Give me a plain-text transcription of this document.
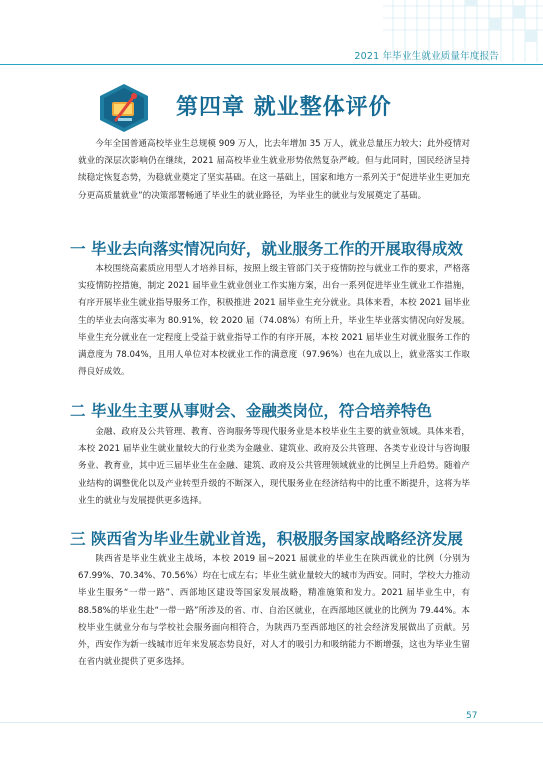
2021 年毕业生就业质量年度报告
第四章 就业整体评价

今年全国普通高校毕业生总规模 909 万人，比去年增加 35 万人，就业总量压力较大；此外疫情对就业的深层次影响仍在继续，2021 届高校毕业生就业形势依然复杂严峻。但与此同时，国民经济呈持续稳定恢复态势，为稳就业奠定了坚实基础。在这一基础上，国家和地方一系列关于“促进毕业生更加充分更高质量就业”的决策部署畅通了毕业生的就业路径，为毕业生的就业与发展奠定了基础。

一 毕业去向落实情况向好，就业服务工作的开展取得成效

本校围绕高素质应用型人才培养目标，按照上级主管部门关于疫情防控与就业工作的要求，严格落实疫情防控措施，制定 2021 届毕业生就业创业工作实施方案，出台一系列促进毕业生就业工作措施，有序开展毕业生就业指导服务工作，积极推进 2021 届毕业生充分就业。具体来看，本校 2021 届毕业生的毕业去向落实率为 80.91%，较 2020 届（74.08%）有所上升，毕业生毕业落实情况向好发展。毕业生充分就业在一定程度上受益于就业指导工作的有序开展，本校 2021 届毕业生对就业服务工作的满意度为 78.04%，且用人单位对本校就业工作的满意度（97.96%）也在九成以上，就业落实工作取得良好成效。

二 毕业生主要从事财会、金融类岗位，符合培养特色

金融、政府及公共管理、教育、咨询服务等现代服务业是本校毕业生主要的就业领域。具体来看，本校 2021 届毕业生就业量较大的行业类为金融业、建筑业、政府及公共管理、各类专业设计与咨询服务业、教育业，其中近三届毕业生在金融、建筑、政府及公共管理领域就业的比例呈上升趋势。随着产业结构的调整优化以及产业转型升级的不断深入，现代服务业在经济结构中的比重不断提升，这将为毕业生的就业与发展提供更多选择。

三 陕西省为毕业生就业首选，积极服务国家战略经济发展

陕西省是毕业生就业主战场，本校 2019 届~2021 届就业的毕业生在陕西就业的比例（分别为 67.99%、70.34%、70.56%）均在七成左右；毕业生就业量较大的城市为西安。同时，学校大力推动毕业生服务“一带一路”、西部地区建设等国家发展战略，精准施策和发力。2021 届毕业生中，有 88.58%的毕业生赴“一带一路”所涉及的省、市、自治区就业，在西部地区就业的比例为 79.44%。本校毕业生就业分布与学校社会服务面向相符合，为陕西乃至西部地区的社会经济发展做出了贡献。另外，西安作为新一线城市近年来发展态势良好，对人才的吸引力和吸纳能力不断增强，这也为毕业生留在省内就业提供了更多选择。

57
